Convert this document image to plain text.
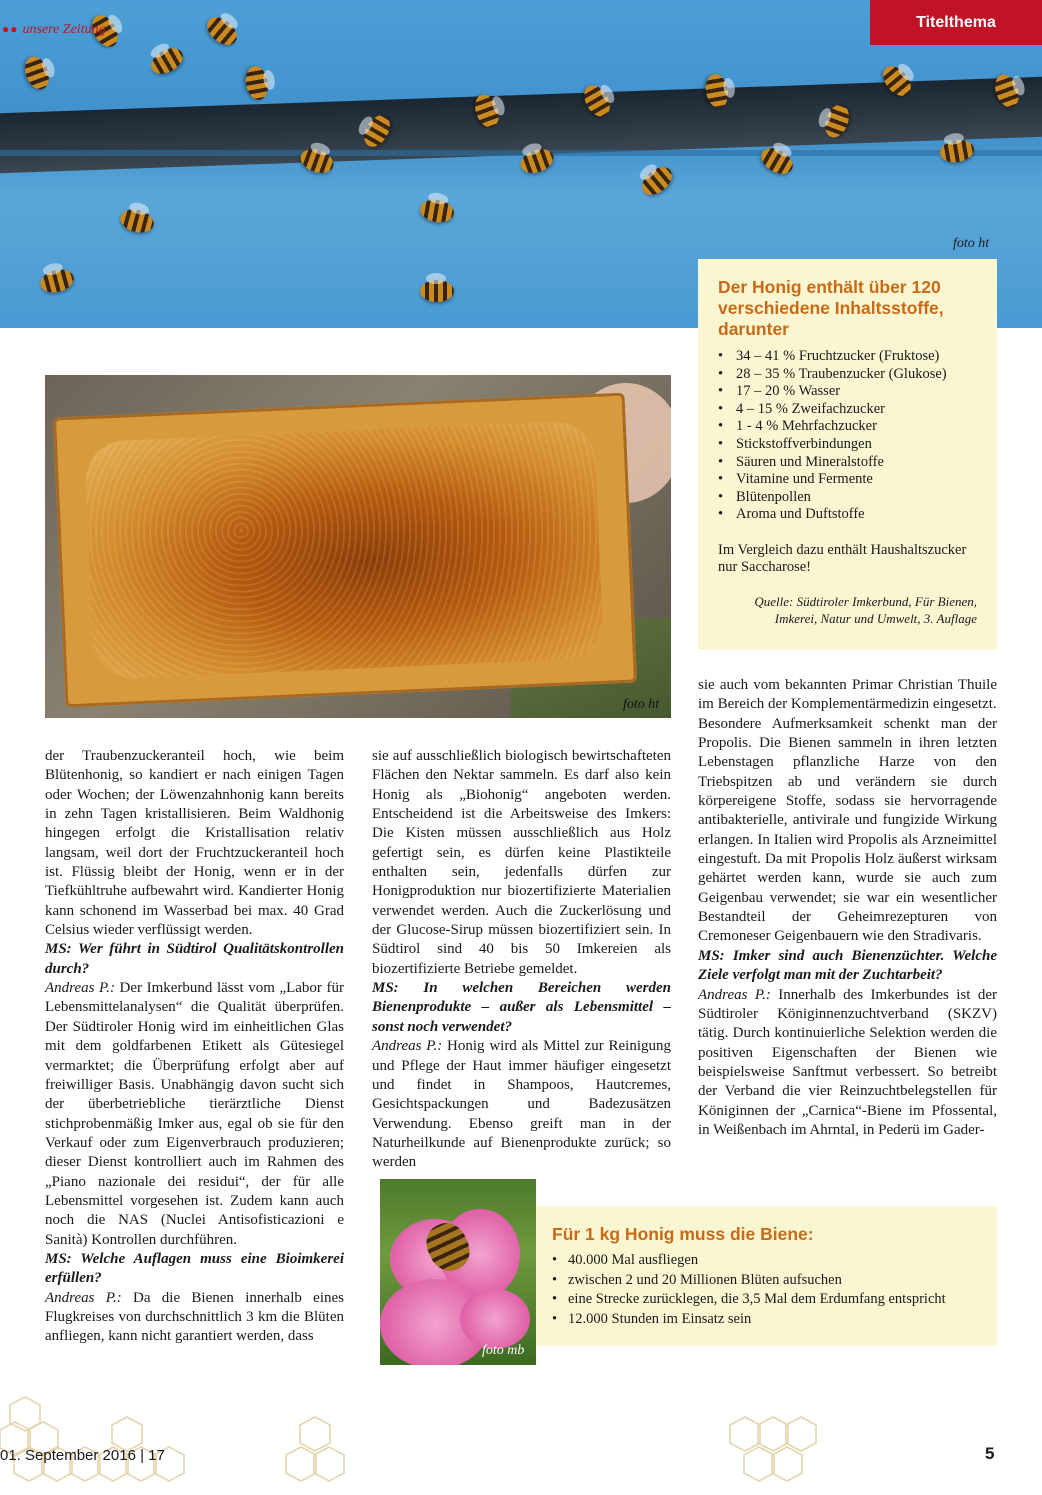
●● unsere Zeitung
foto ht
Titelthema
Der Honig enthält über 120 verschiedene Inhaltsstoffe, darunter
• 34 – 41 % Fruchtzucker (Fruktose)
• 28 – 35 % Traubenzucker (Glukose)
• 17 – 20 % Wasser
• 4 – 15 % Zweifachzucker
• 1 - 4 % Mehrfachzucker
• Stickstoffverbindungen
• Säuren und Mineralstoffe
• Vitamine und Fermente
• Blütenpollen
• Aroma und Duftstoffe

Im Vergleich dazu enthält Haushaltszucker nur Saccharose!

Quelle: Südtiroler Imkerbund, Für Bienen, Imkerei, Natur und Umwelt, 3. Auflage

foto ht

der Traubenzuckeranteil hoch, wie beim Blütenhonig, so kandiert er nach einigen Tagen oder Wochen; der Löwenzahnhonig kann bereits in zehn Tagen kristallisieren. Beim Waldhonig hingegen erfolgt die Kristallisation relativ langsam, weil dort der Fruchtzuckeranteil hoch ist. Flüssig bleibt der Honig, wenn er in der Tiefkühltruhe aufbewahrt wird. Kandierter Honig kann schonend im Wasserbad bei max. 40 Grad Celsius wieder verflüssigt werden.

MS: Wer führt in Südtirol Qualitätskontrollen durch?

Andreas P.: Der Imkerbund lässt vom „Labor für Lebensmittelanalysen“ die Qualität überprüfen. Der Südtiroler Honig wird im einheitlichen Glas mit dem goldfarbenen Etikett als Gütesiegel vermarktet; die Überprüfung erfolgt aber auf freiwilliger Basis. Unabhängig davon sucht sich der überbetriebliche tierärztliche Dienst stichprobenmäßig Imker aus, egal ob sie für den Verkauf oder zum Eigenverbrauch produzieren; dieser Dienst kontrolliert auch im Rahmen des „Piano nazionale dei residui“, der für alle Lebensmittel vorgesehen ist. Zudem kann auch noch die NAS (Nuclei Antisofisticazioni e Sanità) Kontrollen durchführen.

MS: Welche Auflagen muss eine Bioimkerei erfüllen?

Andreas P.: Da die Bienen innerhalb eines Flugkreises von durchschnittlich 3 km die Blüten anfliegen, kann nicht garantiert werden, dass

sie auf ausschließlich biologisch bewirtschafteten Flächen den Nektar sammeln. Es darf also kein Honig als „Biohonig“ angeboten werden. Entscheidend ist die Arbeitsweise des Imkers: Die Kisten müssen ausschließlich aus Holz gefertigt sein, es dürfen keine Plastikteile enthalten sein, jedenfalls dürfen zur Honigproduktion nur biozertifizierte Materialien verwendet werden. Auch die Zuckerlösung und der Glucose-Sirup müssen biozertifiziert sein. In Südtirol sind 40 bis 50 Imkereien als biozertifizierte Betriebe gemeldet.

MS: In welchen Bereichen werden Bienenprodukte – außer als Lebensmittel – sonst noch verwendet?

Andreas P.: Honig wird als Mittel zur Reinigung und Pflege der Haut immer häufiger eingesetzt und findet in Shampoos, Hautcremes, Gesichtspackungen und Badezusätzen Verwendung. Ebenso greift man in der Naturheilkunde auf Bienenprodukte zurück; so werden

sie auch vom bekannten Primar Christian Thuile im Bereich der Komplementärmedizin eingesetzt.

Besondere Aufmerksamkeit schenkt man der Propolis. Die Bienen sammeln in ihren letzten Lebenstagen pflanzliche Harze von den Triebspitzen ab und verändern sie durch körpereigene Stoffe, sodass sie hervorragende antibakterielle, antivirale und fungizide Wirkung erlangen. In Italien wird Propolis als Arzneimittel eingestuft. Da mit Propolis Holz äußerst wirksam gehärtet werden kann, wurde sie auch zum Geigenbau verwendet; sie war ein wesentlicher Bestandteil der Geheimrezepturen von Cremoneser Geigenbauern wie den Stradivaris.

MS: Imker sind auch Bienenzüchter. Welche Ziele verfolgt man mit der Zuchtarbeit?

Andreas P.: Innerhalb des Imkerbundes ist der Südtiroler Königinnenzuchtverband (SKZV) tätig. Durch kontinuierliche Selektion werden die positiven Eigenschaften der Bienen wie beispielsweise Sanftmut verbessert. So betreibt der Verband die vier Reinzuchtbelegstellen für Königinnen der „Carnica“-Biene im Pfossental, in Weißenbach im Ahrntal, in Pederü im Gader-

Für 1 kg Honig muss die Biene:
• 40.000 Mal ausfliegen
• zwischen 2 und 20 Millionen Blüten aufsuchen
• eine Strecke zurücklegen, die 3,5 Mal dem Erdumfang entspricht
• 12.000 Stunden im Einsatz sein
foto mb
01. September 2016 | 17	5
